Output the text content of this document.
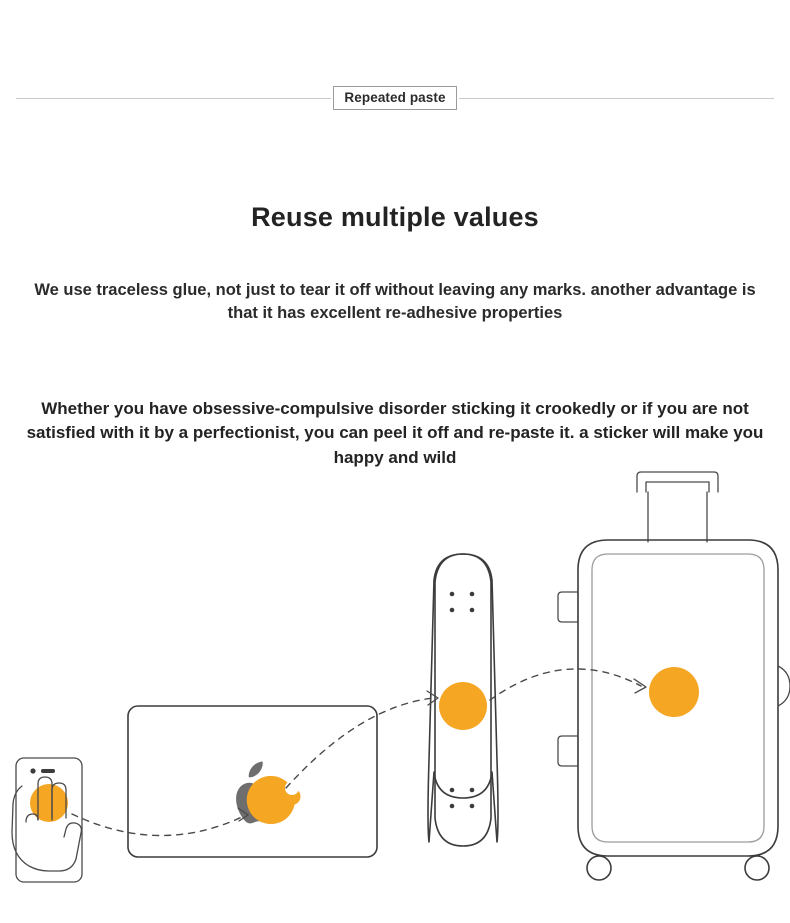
Repeated paste
Reuse multiple values

We use traceless glue, not just to tear it off without leaving any marks. another advantage is that it has excellent re-adhesive properties

Whether you have obsessive-compulsive disorder sticking it crookedly or if you are not satisfied with it by a perfectionist, you can peel it off and re-paste it. a sticker will make you happy and wild
